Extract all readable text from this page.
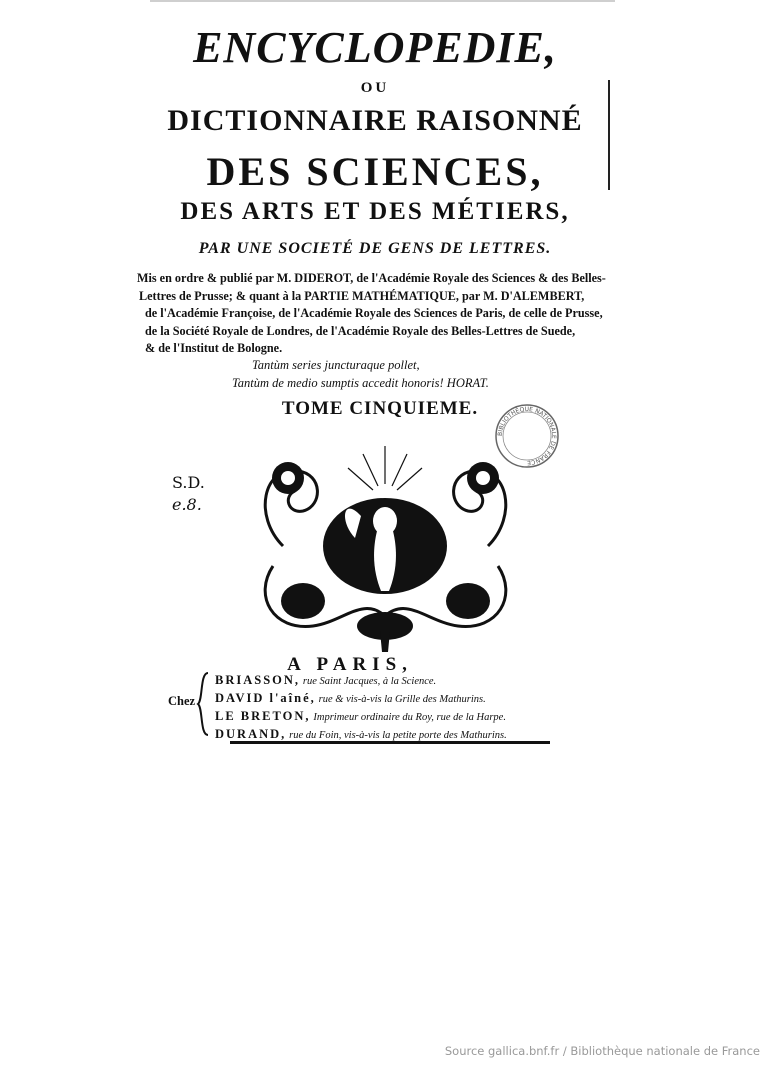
ENCYCLOPEDIE,
OU
DICTIONNAIRE RAISONNÉ
DES SCIENCES,
DES ARTS ET DES MÉTIERS,
PAR UNE SOCIETÉ DE GENS DE LETTRES.
Mis en ordre & publié par M. DIDEROT, de l'Académie Royale des Sciences & des Belles-
Lettres de Prusse; & quant à la PARTIE MATHÉMATIQUE, par M. D'ALEMBERT,
de l'Académie Françoise, de l'Académie Royale des Sciences de Paris, de celle de Prusse,
de la Société Royale de Londres, de l'Académie Royale des Belles-Lettres de Suede,
& de l'Institut de Bologne.
Tantùm series juncturaque pollet,
Tantùm de medio sumptis accedit honoris! HORAT.
TOME CINQUIEME.
S.D.
e.8.
BIBLIOTHÈQUE NATIONALE DE FRANCE
A PARIS,
Chez
BRIASSON, rue Saint Jacques, à la Science.
DAVID l'aîné, rue & vis-à-vis la Grille des Mathurins.
LE BRETON, Imprimeur ordinaire du Roy, rue de la Harpe.
DURAND, rue du Foin, vis-à-vis la petite porte des Mathurins.
Source gallica.bnf.fr / Bibliothèque nationale de France
